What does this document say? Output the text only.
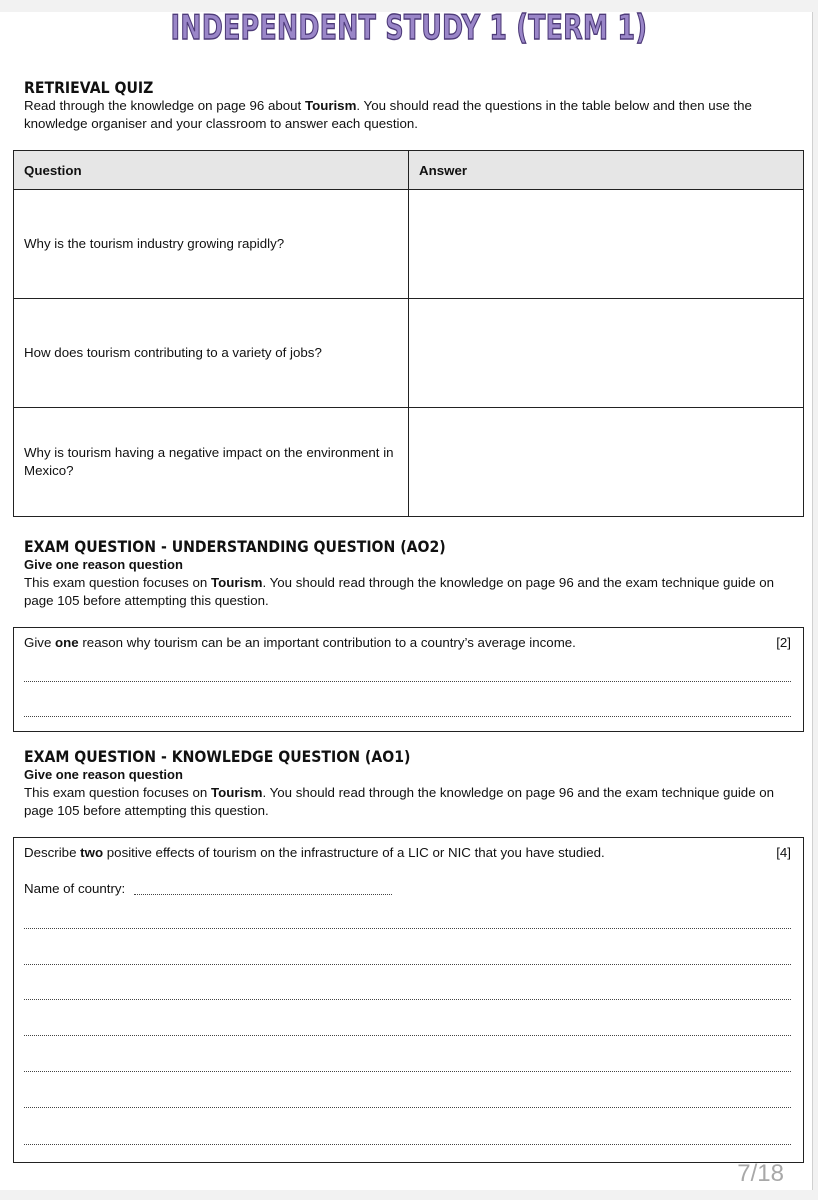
INDEPENDENT STUDY 1 (TERM 1)
RETRIEVAL QUIZ
Read through the knowledge on page 96 about Tourism. You should read the questions in the table below and then use the knowledge organiser and your classroom to answer each question.
Question	Answer
Why is the tourism industry growing rapidly?	
How does tourism contributing to a variety of jobs?	
Why is tourism having a negative impact on the environment in Mexico?	
EXAM QUESTION - UNDERSTANDING QUESTION (AO2)
Give one reason question
This exam question focuses on Tourism. You should read through the knowledge on page 96 and the exam technique guide on page 105 before attempting this question.
Give one reason why tourism can be an important contribution to a country’s average income.	[2]
EXAM QUESTION - KNOWLEDGE QUESTION (AO1)
Give one reason question
This exam question focuses on Tourism. You should read through the knowledge on page 96 and the exam technique guide on page 105 before attempting this question.
Describe two positive effects of tourism on the infrastructure of a LIC or NIC that you have studied.	[4]
Name of country:
7/18
